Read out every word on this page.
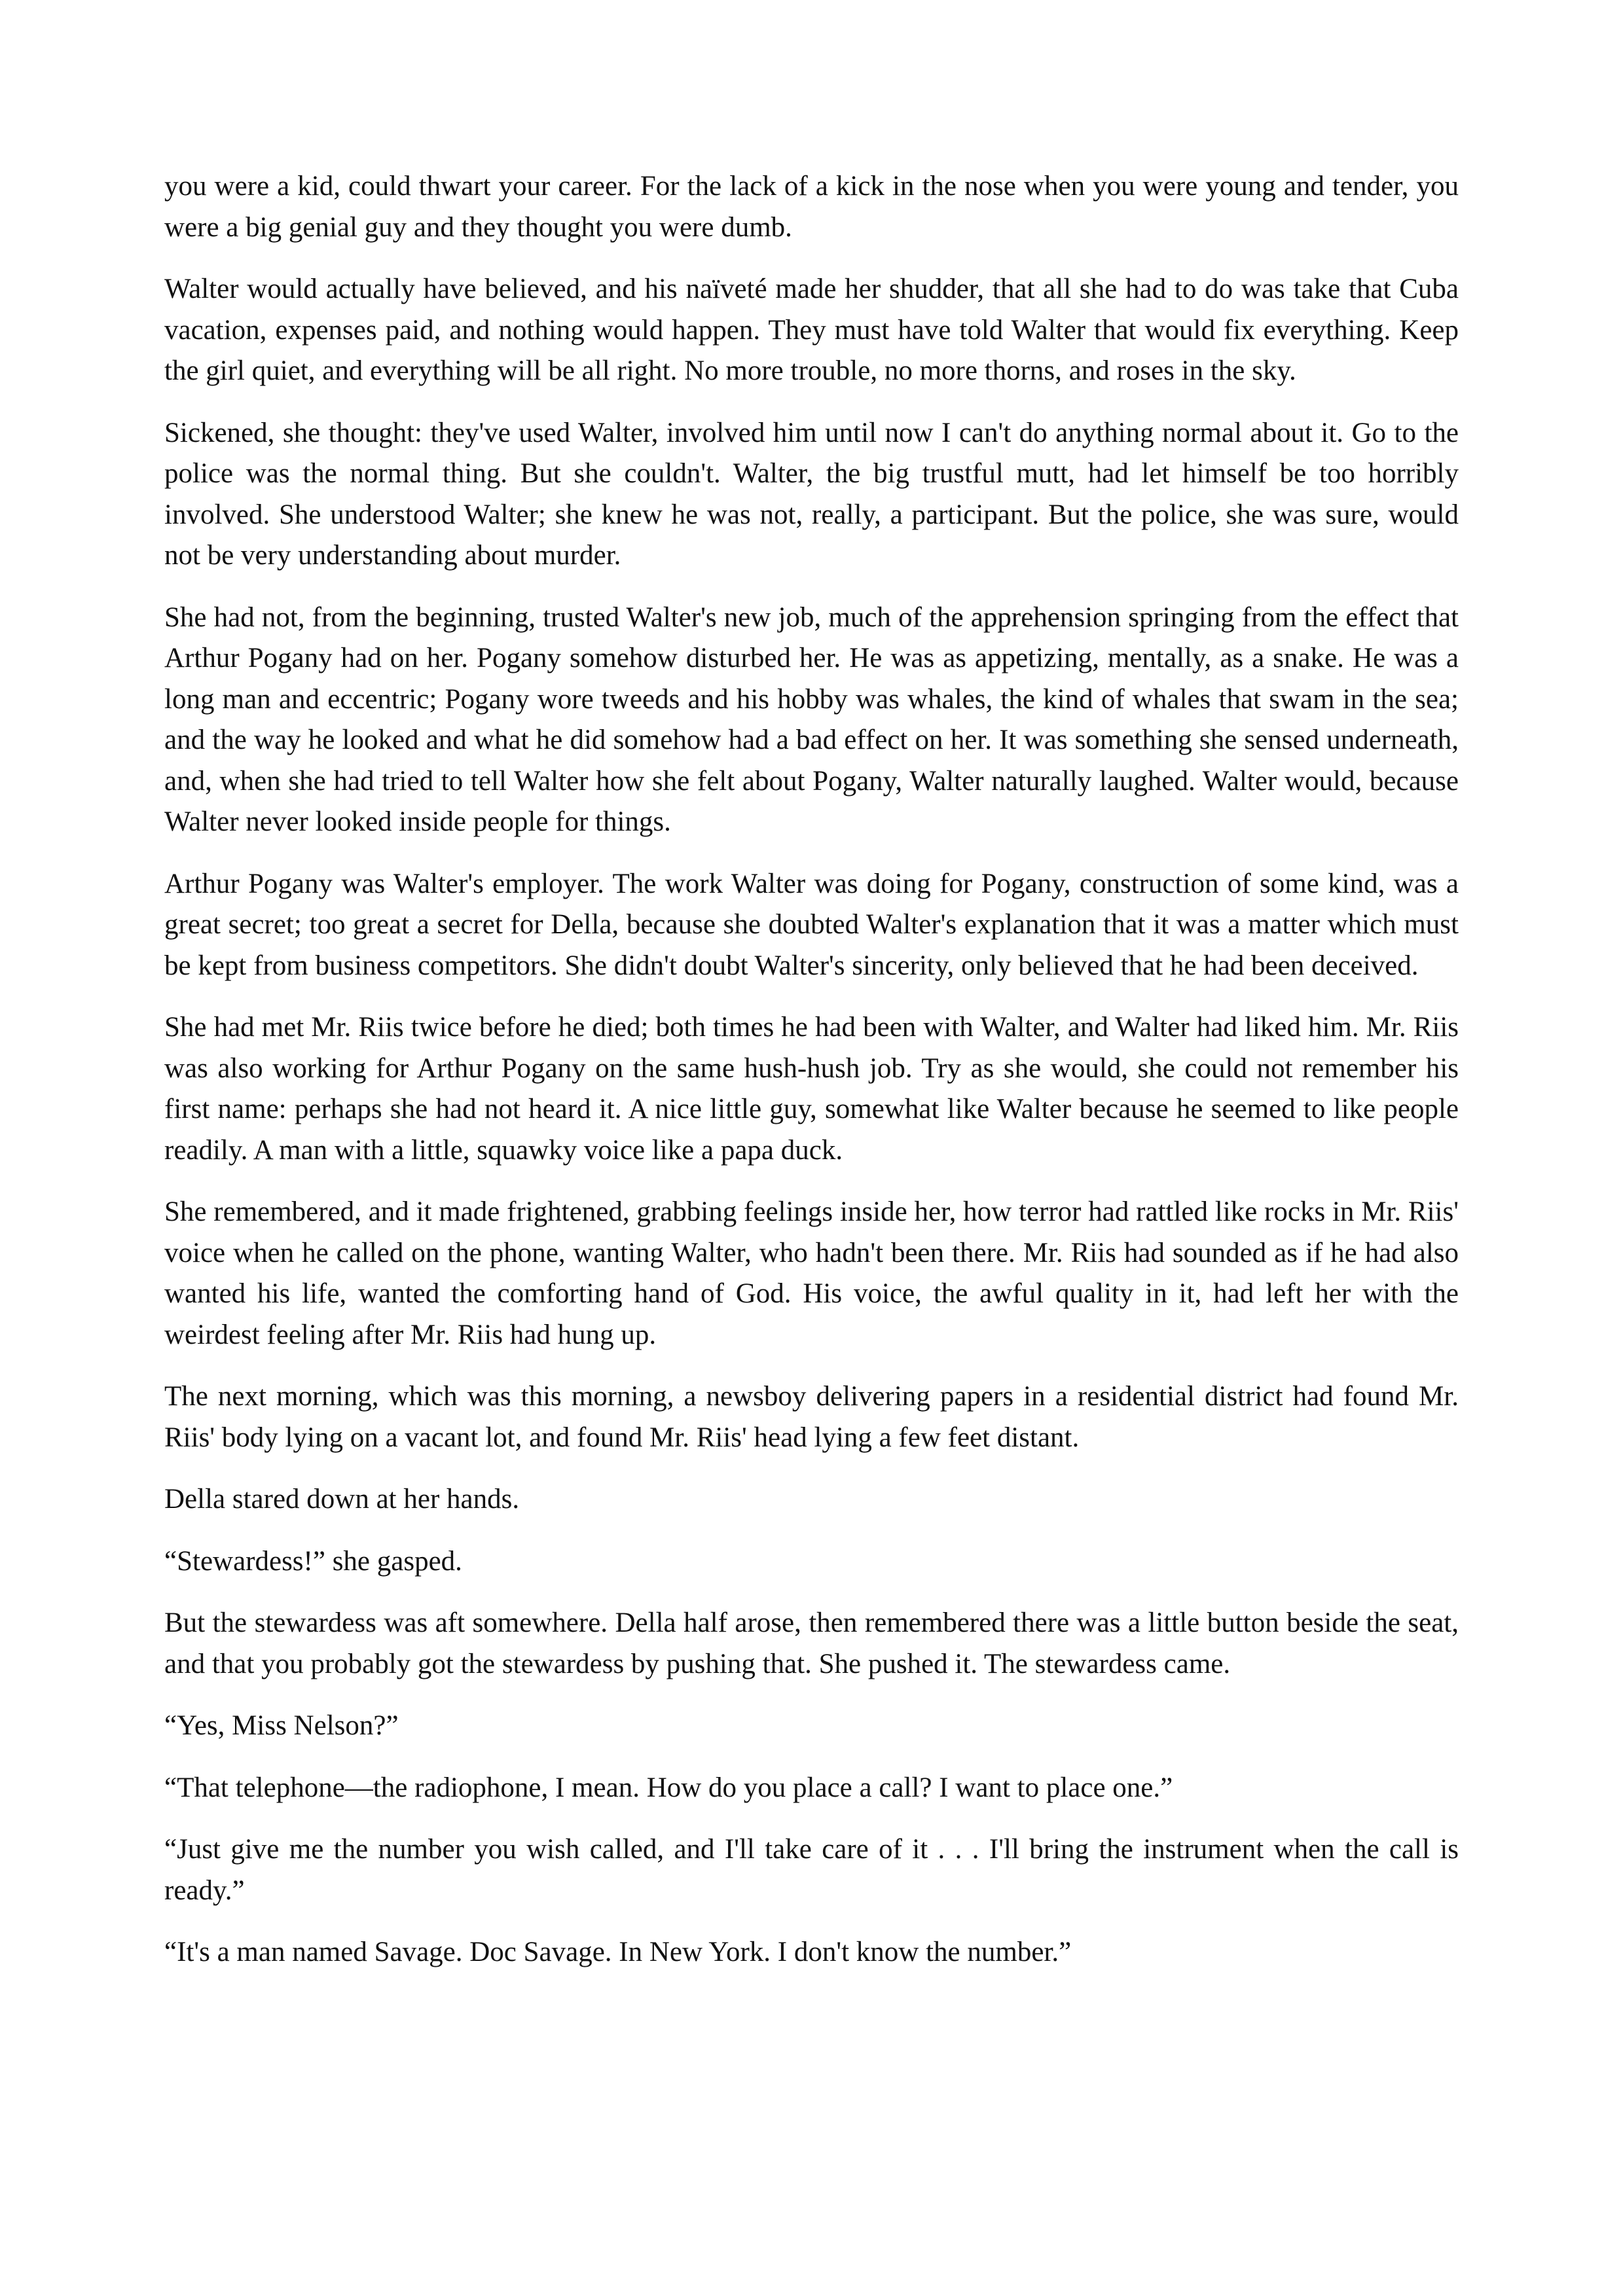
you were a kid, could thwart your career. For the lack of a kick in the nose when you were young and tender, you were a big genial guy and they thought you were dumb.

Walter would actually have believed, and his naïveté made her shudder, that all she had to do was take that Cuba vacation, expenses paid, and nothing would happen. They must have told Walter that would fix everything. Keep the girl quiet, and everything will be all right. No more trouble, no more thorns, and roses in the sky.

Sickened, she thought: they've used Walter, involved him until now I can't do anything normal about it. Go to the police was the normal thing. But she couldn't. Walter, the big trustful mutt, had let himself be too horribly involved. She understood Walter; she knew he was not, really, a participant. But the police, she was sure, would not be very understanding about murder.

She had not, from the beginning, trusted Walter's new job, much of the apprehension springing from the effect that Arthur Pogany had on her. Pogany somehow disturbed her. He was as appetizing, mentally, as a snake. He was a long man and eccentric; Pogany wore tweeds and his hobby was whales, the kind of whales that swam in the sea; and the way he looked and what he did somehow had a bad effect on her. It was something she sensed underneath, and, when she had tried to tell Walter how she felt about Pogany, Walter naturally laughed. Walter would, because Walter never looked inside people for things.

Arthur Pogany was Walter's employer. The work Walter was doing for Pogany, construction of some kind, was a great secret; too great a secret for Della, because she doubted Walter's explanation that it was a matter which must be kept from business competitors. She didn't doubt Walter's sincerity, only believed that he had been deceived.

She had met Mr. Riis twice before he died; both times he had been with Walter, and Walter had liked him. Mr. Riis was also working for Arthur Pogany on the same hush-hush job. Try as she would, she could not remember his first name: perhaps she had not heard it. A nice little guy, somewhat like Walter because he seemed to like people readily. A man with a little, squawky voice like a papa duck.

She remembered, and it made frightened, grabbing feelings inside her, how terror had rattled like rocks in Mr. Riis' voice when he called on the phone, wanting Walter, who hadn't been there. Mr. Riis had sounded as if he had also wanted his life, wanted the comforting hand of God. His voice, the awful quality in it, had left her with the weirdest feeling after Mr. Riis had hung up.

The next morning, which was this morning, a newsboy delivering papers in a residential district had found Mr. Riis' body lying on a vacant lot, and found Mr. Riis' head lying a few feet distant.

Della stared down at her hands.

“Stewardess!” she gasped.

But the stewardess was aft somewhere. Della half arose, then remembered there was a little button beside the seat, and that you probably got the stewardess by pushing that. She pushed it. The stewardess came.

“Yes, Miss Nelson?”

“That telephone—the radiophone, I mean. How do you place a call? I want to place one.”

“Just give me the number you wish called, and I'll take care of it . . . I'll bring the instrument when the call is ready.”

“It's a man named Savage. Doc Savage. In New York. I don't know the number.”
